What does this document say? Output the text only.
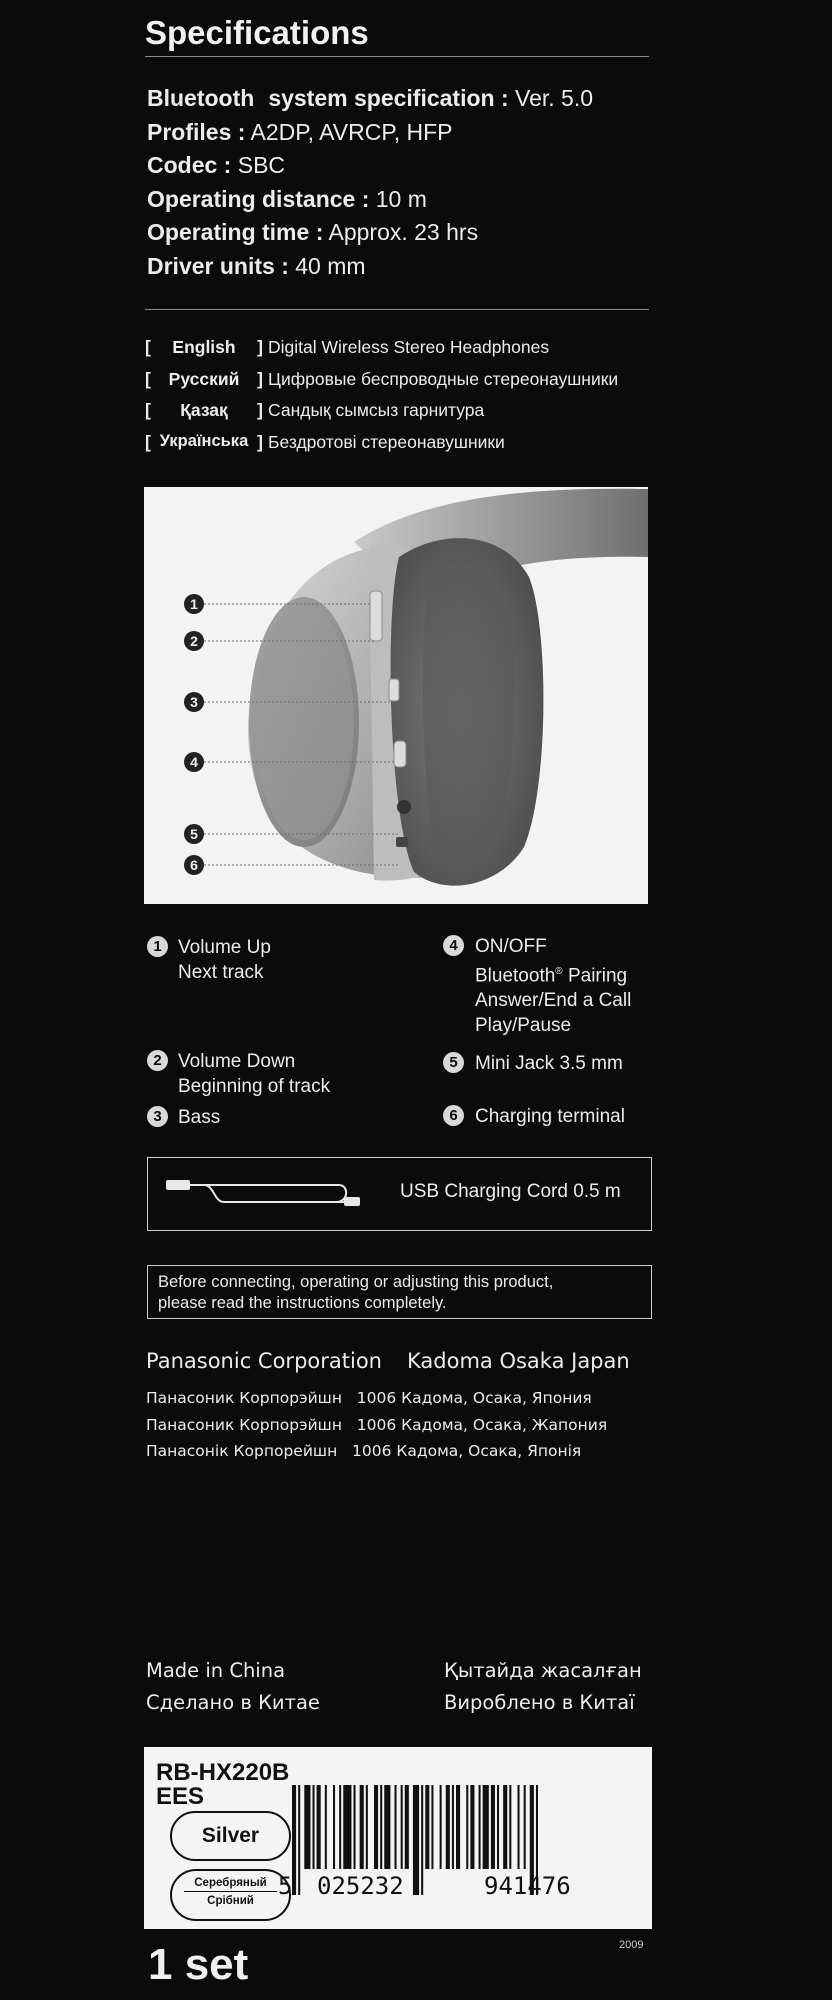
Specifications
Bluetooth system specification : Ver. 5.0
Profiles : A2DP, AVRCP, HFP
Codec : SBC
Operating distance : 10 m
Operating time : Approx. 23 hrs
Driver units : 40 mm
[	English	] Digital Wireless Stereo Headphones
[	Русский	] Цифровые беспроводные стереонаушники
[	Қазақ	] Сандық сымсыз гарнитура
[ Українська ] Бездротові стереонавушники
1
2
3
4
5
6
1 Volume Up
Next track
2 Volume Down
Beginning of track
3 Bass
4 ON/OFF
Bluetooth® Pairing
Answer/End a Call
Play/Pause
5 Mini Jack 3.5 mm
6 Charging terminal
USB Charging Cord 0.5 m
Before connecting, operating or adjusting this product,
please read the instructions completely.
Panasonic Corporation Kadoma Osaka Japan
Панасоник Корпорэйшн   1006 Кадома, Осака, Япония
Панасоник Корпорэйшн   1006 Кадома, Осака, Жапония
Панасонік Корпорейшн   1006 Кадома, Осака, Японія
Made in China
Сделано в Китае
Қытайда жасалған
Вироблено в Китаї
RB-HX220B
EES
Silver
Серебряный
Срібний
5 025232	941476
1 set	2009
